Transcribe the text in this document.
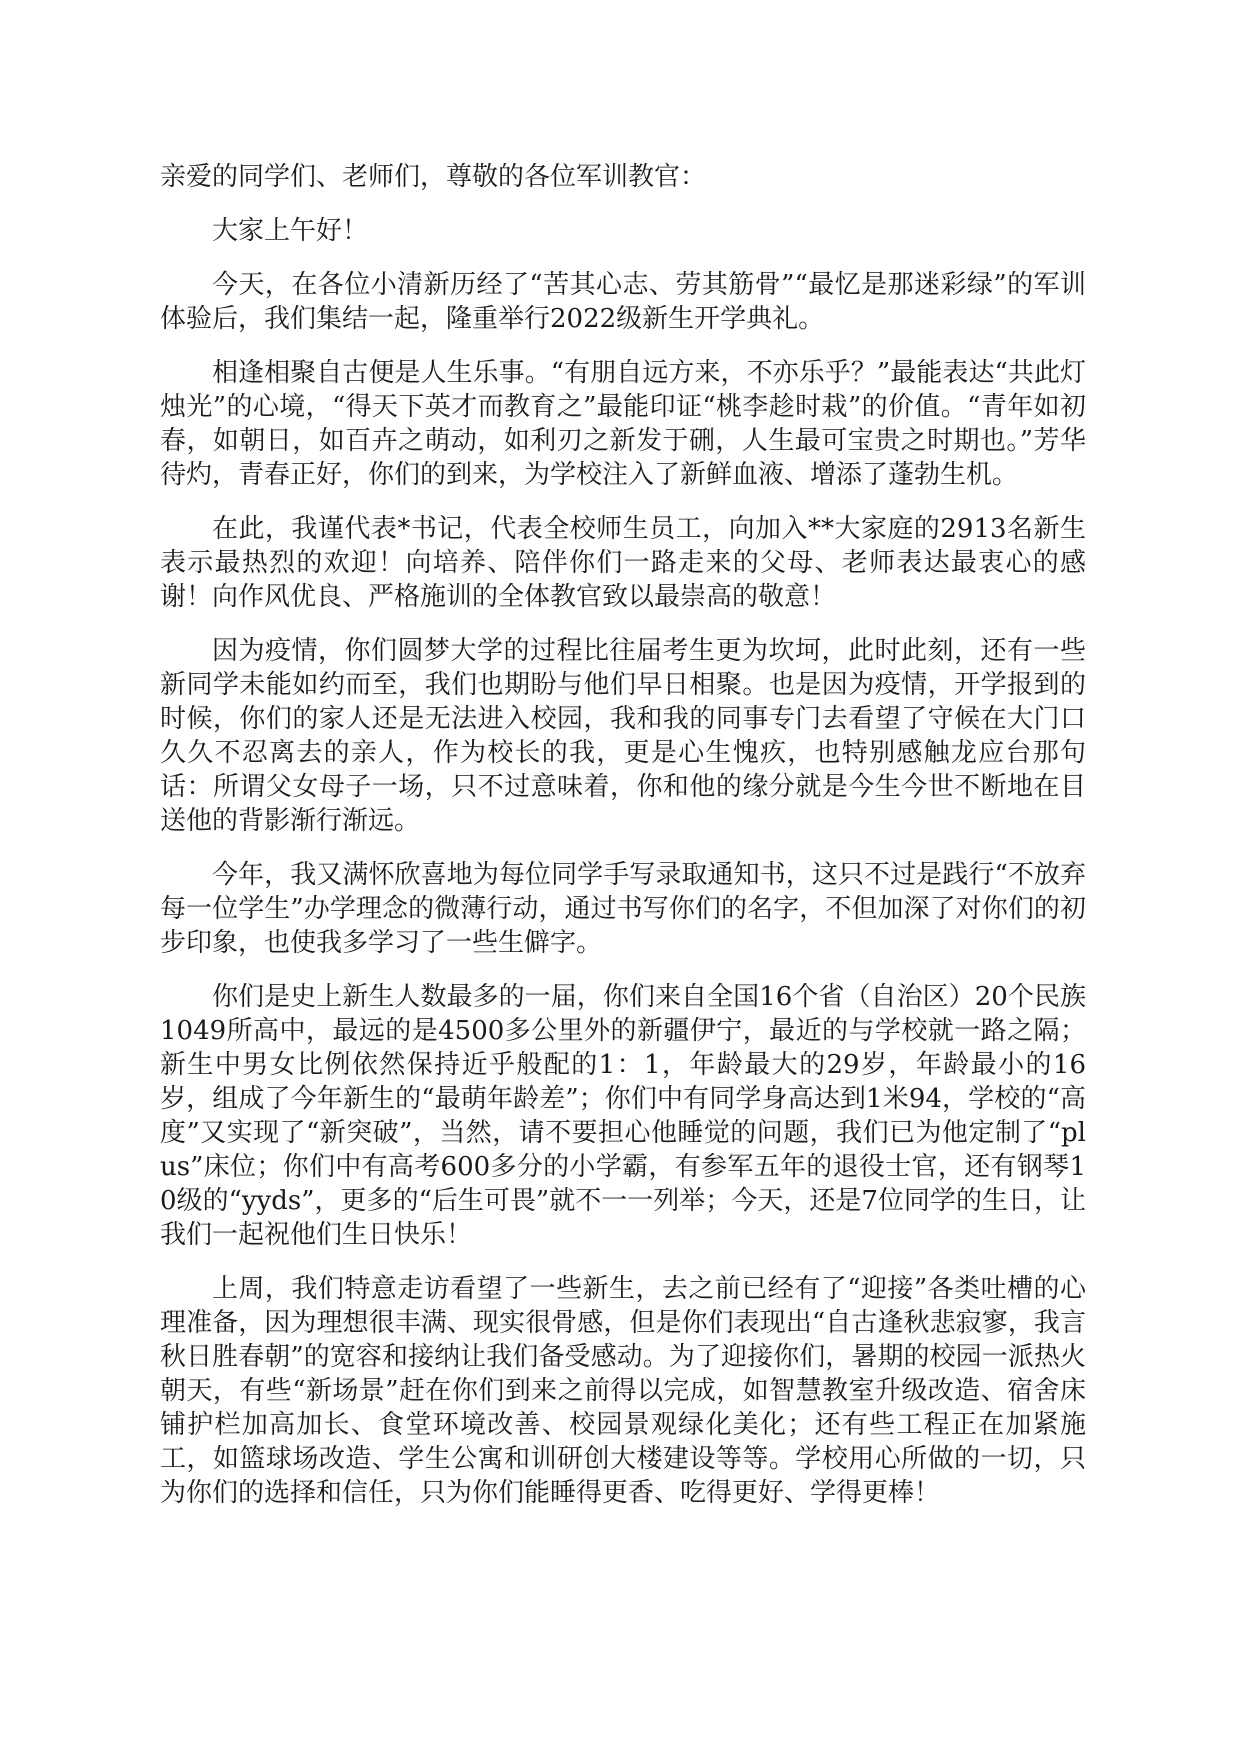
亲爱的同学们、老师们，尊敬的各位军训教官：

大家上午好！

今天，在各位小清新历经了“苦其心志、劳其筋骨”“最忆是那迷彩绿”的军训体验后，我们集结一起，隆重举行2022级新生开学典礼。

相逢相聚自古便是人生乐事。“有朋自远方来，不亦乐乎？”最能表达“共此灯烛光”的心境，“得天下英才而教育之”最能印证“桃李趁时栽”的价值。“青年如初春，如朝日，如百卉之萌动，如利刃之新发于硎，人生最可宝贵之时期也。”芳华待灼，青春正好，你们的到来，为学校注入了新鲜血液、增添了蓬勃生机。

在此，我谨代表*书记，代表全校师生员工，向加入**大家庭的2913名新生表示最热烈的欢迎！向培养、陪伴你们一路走来的父母、老师表达最衷心的感谢！向作风优良、严格施训的全体教官致以最崇高的敬意！

因为疫情，你们圆梦大学的过程比往届考生更为坎坷，此时此刻，还有一些新同学未能如约而至，我们也期盼与他们早日相聚。也是因为疫情，开学报到的时候，你们的家人还是无法进入校园，我和我的同事专门去看望了守候在大门口久久不忍离去的亲人，作为校长的我，更是心生愧疚，也特别感触龙应台那句话：所谓父女母子一场，只不过意味着，你和他的缘分就是今生今世不断地在目送他的背影渐行渐远。

今年，我又满怀欣喜地为每位同学手写录取通知书，这只不过是践行“不放弃每一位学生”办学理念的微薄行动，通过书写你们的名字，不但加深了对你们的初步印象，也使我多学习了一些生僻字。

你们是史上新生人数最多的一届，你们来自全国16个省（自治区）20个民族1049所高中，最远的是4500多公里外的新疆伊宁，最近的与学校就一路之隔；新生中男女比例依然保持近乎般配的1：1，年龄最大的29岁，年龄最小的16岁，组成了今年新生的“最萌年龄差”；你们中有同学身高达到1米94，学校的“高度”又实现了“新突破”，当然，请不要担心他睡觉的问题，我们已为他定制了“plus”床位；你们中有高考600多分的小学霸，有参军五年的退役士官，还有钢琴10级的“yyds”，更多的“后生可畏”就不一一列举；今天，还是7位同学的生日，让我们一起祝他们生日快乐！

上周，我们特意走访看望了一些新生，去之前已经有了“迎接”各类吐槽的心理准备，因为理想很丰满、现实很骨感，但是你们表现出“自古逢秋悲寂寥，我言秋日胜春朝”的宽容和接纳让我们备受感动。为了迎接你们，暑期的校园一派热火朝天，有些“新场景”赶在你们到来之前得以完成，如智慧教室升级改造、宿舍床铺护栏加高加长、食堂环境改善、校园景观绿化美化；还有些工程正在加紧施工，如篮球场改造、学生公寓和训研创大楼建设等等。学校用心所做的一切，只为你们的选择和信任，只为你们能睡得更香、吃得更好、学得更棒！
